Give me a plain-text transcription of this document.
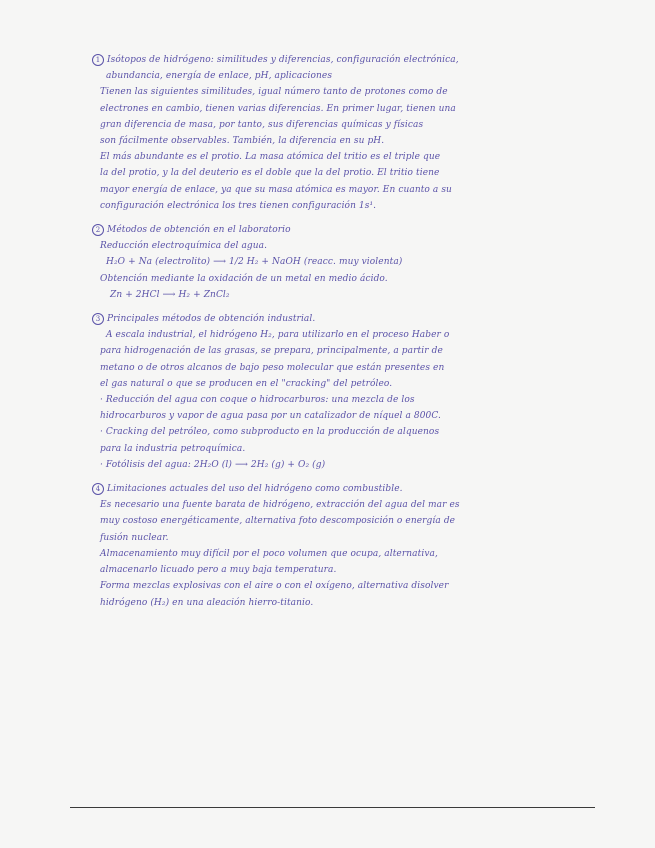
1 Isótopos de hidrógeno: similitudes y diferencias, configuración electrónica,
abundancia, energía de enlace, pH, aplicaciones
Tienen las siguientes similitudes, igual número tanto de protones como de
electrones en cambio, tienen varias diferencias. En primer lugar, tienen una
gran diferencia de masa, por tanto, sus diferencias químicas y físicas
son fácilmente observables. También, la diferencia en su pH.
El más abundante es el protio. La masa atómica del tritio es el triple que
la del protio, y la del deuterio es el doble que la del protio. El tritio tiene
mayor energía de enlace, ya que su masa atómica es mayor. En cuanto a su
configuración electrónica los tres tienen configuración 1s¹.
2 Métodos de obtención en el laboratorio
Reducción electroquímica del agua.
H₂O + Na (electrolito) ⟶ 1/2 H₂ + NaOH (reacc. muy violenta)
Obtención mediante la oxidación de un metal en medio ácido.
Zn + 2HCl ⟶ H₂ + ZnCl₂
3 Principales métodos de obtención industrial.
A escala industrial, el hidrógeno H₂, para utilizarlo en el proceso Haber o
para hidrogenación de las grasas, se prepara, principalmente, a partir de
metano o de otros alcanos de bajo peso molecular que están presentes en
el gas natural o que se producen en el "cracking" del petróleo.
· Reducción del agua con coque o hidrocarburos: una mezcla de los
hidrocarburos y vapor de agua pasa por un catalizador de níquel a 800C.
· Cracking del petróleo, como subproducto en la producción de alquenos
para la industria petroquímica.
· Fotólisis del agua: 2H₂O (l) ⟶ 2H₂ (g) + O₂ (g)
4 Limitaciones actuales del uso del hidrógeno como combustible.
Es necesario una fuente barata de hidrógeno, extracción del agua del mar es
muy costoso energéticamente, alternativa foto descomposición o energía de
fusión nuclear.
Almacenamiento muy difícil por el poco volumen que ocupa, alternativa,
almacenarlo licuado pero a muy baja temperatura.
Forma mezclas explosivas con el aire o con el oxígeno, alternativa disolver
hidrógeno (H₂) en una aleación hierro-titanio.
